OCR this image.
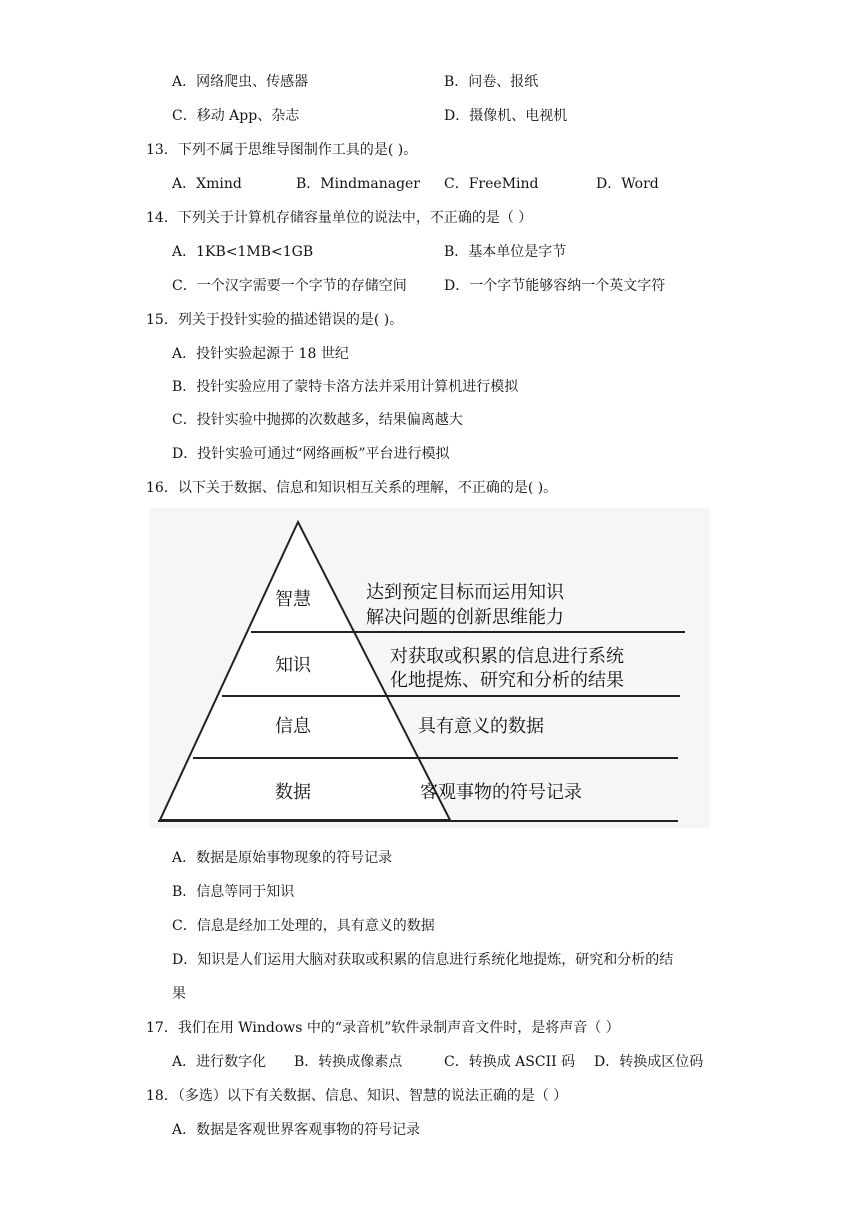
A．网络爬虫、传感器	B．问卷、报纸
C．移动 App、杂志	D．摄像机、电视机
13．下列不属于思维导图制作工具的是( )。
A．Xmind	B．Mindmanager C．FreeMind	D．Word
14．下列关于计算机存储容量单位的说法中，不正确的是（ ）
A．1KB<1MB<1GB	B．基本单位是字节
C．一个汉字需要一个字节的存储空间	D．一个字节能够容纳一个英文字符
15．列关于投针实验的描述错误的是( )。
A．投针实验起源于 18 世纪
B．投针实验应用了蒙特卡洛方法并采用计算机进行模拟
C．投针实验中抛掷的次数越多，结果偏离越大
D．投针实验可通过“网络画板”平台进行模拟
16．以下关于数据、信息和知识相互关系的理解，不正确的是( )。
智慧
知识
信息
数据
达到预定目标而运用知识
解决问题的创新思维能力
对获取或积累的信息进行系统
化地提炼、研究和分析的结果
具有意义的数据
客观事物的符号记录
A．数据是原始事物现象的符号记录
B．信息等同于知识
C．信息是经加工处理的，具有意义的数据
D．知识是人们运用大脑对获取或积累的信息进行系统化地提炼，研究和分析的结
果
17．我们在用 Windows 中的“录音机”软件录制声音文件时，是将声音（ ）
A．进行数字化 B．转换成像素点	C．转换成 ASCII 码 D．转换成区位码
18．（多选）以下有关数据、信息、知识、智慧的说法正确的是（ ）
A．数据是客观世界客观事物的符号记录
